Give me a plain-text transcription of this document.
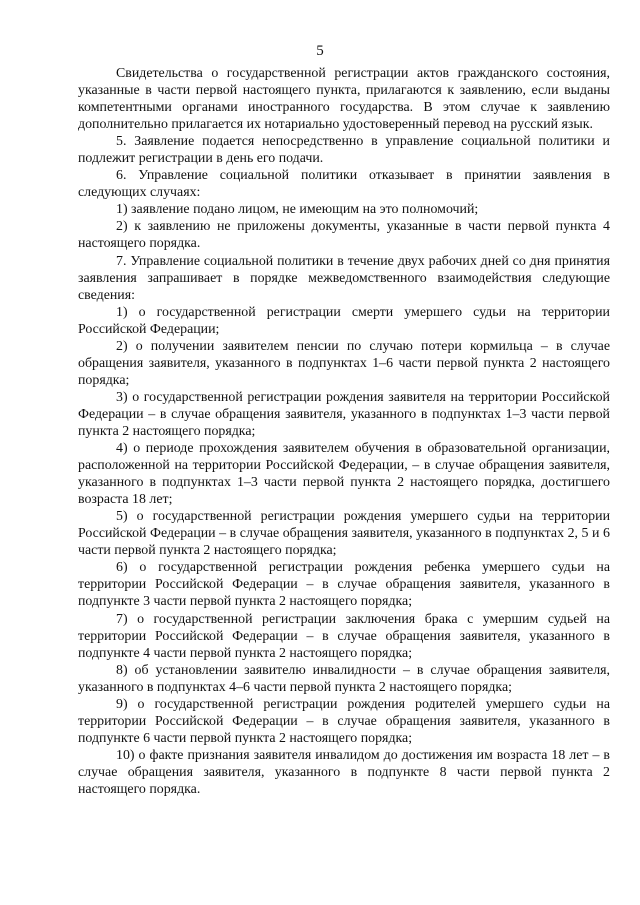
5

Свидетельства о государственной регистрации актов гражданского состояния, указанные в части первой настоящего пункта, прилагаются к заявлению, если выданы компетентными органами иностранного государства. В этом случае к заявлению дополнительно прилагается их нотариально удостоверенный перевод на русский язык.

5. Заявление подается непосредственно в управление социальной политики и подлежит регистрации в день его подачи.

6. Управление социальной политики отказывает в принятии заявления в следующих случаях:

1) заявление подано лицом, не имеющим на это полномочий;

2) к заявлению не приложены документы, указанные в части первой пункта 4 настоящего порядка.

7. Управление социальной политики в течение двух рабочих дней со дня принятия заявления запрашивает в порядке межведомственного взаимодействия следующие сведения:

1) о государственной регистрации смерти умершего судьи на территории Российской Федерации;

2) о получении заявителем пенсии по случаю потери кормильца – в случае обращения заявителя, указанного в подпунктах 1–6 части первой пункта 2 настоящего порядка;

3) о государственной регистрации рождения заявителя на территории Российской Федерации – в случае обращения заявителя, указанного в подпунктах 1–3 части первой пункта 2 настоящего порядка;

4) о периоде прохождения заявителем обучения в образовательной организации, расположенной на территории Российской Федерации, – в случае обращения заявителя, указанного в подпунктах 1–3 части первой пункта 2 настоящего порядка, достигшего возраста 18 лет;

5) о государственной регистрации рождения умершего судьи на территории Российской Федерации – в случае обращения заявителя, указанного в подпунктах 2, 5 и 6 части первой пункта 2 настоящего порядка;

6) о государственной регистрации рождения ребенка умершего судьи на территории Российской Федерации – в случае обращения заявителя, указанного в подпункте 3 части первой пункта 2 настоящего порядка;

7) о государственной регистрации заключения брака с умершим судьей на территории Российской Федерации – в случае обращения заявителя, указанного в подпункте 4 части первой пункта 2 настоящего порядка;

8) об установлении заявителю инвалидности – в случае обращения заявителя, указанного в подпунктах 4–6 части первой пункта 2 настоящего порядка;

9) о государственной регистрации рождения родителей умершего судьи на территории Российской Федерации – в случае обращения заявителя, указанного в подпункте 6 части первой пункта 2 настоящего порядка;

10) о факте признания заявителя инвалидом до достижения им возраста 18 лет – в случае обращения заявителя, указанного в подпункте 8 части первой пункта 2 настоящего порядка.
